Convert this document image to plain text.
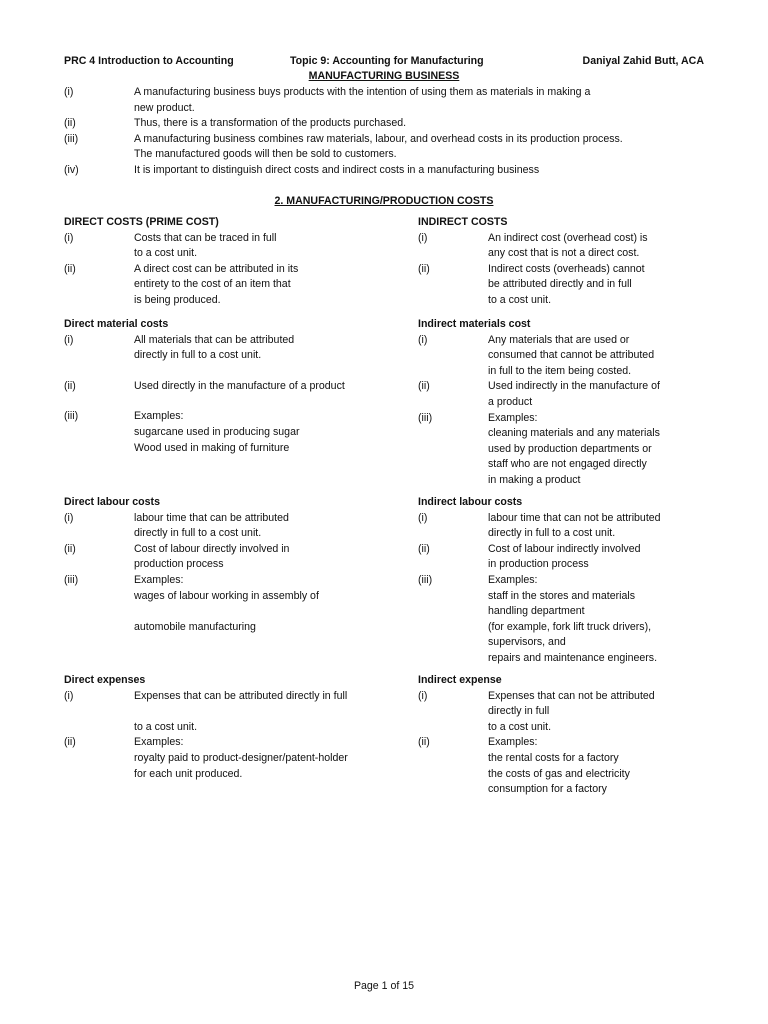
PRC 4 Introduction to Accounting	Topic 9: Accounting for Manufacturing	Daniyal Zahid Butt, ACA
MANUFACTURING BUSINESS
(i)	A manufacturing business buys products with the intention of using them as materials in making a
new product.
(ii)	Thus, there is a transformation of the products purchased.
(iii)	A manufacturing business combines raw materials, labour, and overhead costs in its production process.
The manufactured goods will then be sold to customers.
(iv)	It is important to distinguish direct costs and indirect costs in a manufacturing business
2. MANUFACTURING/PRODUCTION COSTS
DIRECT COSTS (PRIME COST)
(i)	Costs that can be traced in full
to a cost unit.
(ii)	A direct cost can be attributed in its
entirety to the cost of an item that
is being produced.
Direct material costs
(i)	All materials that can be attributed
directly in full to a cost unit.
(ii)	Used directly in the manufacture of a product
(iii)	Examples:
sugarcane used in producing sugar
Wood used in making of furniture
Direct labour costs
(i)	labour time that can be attributed
directly in full to a cost unit.
(ii)	Cost of labour directly involved in
production process
(iii)	Examples:
wages of labour working in assembly of

automobile manufacturing
Direct expenses
(i)	Expenses that can be attributed directly in full

to a cost unit.
(ii)	Examples:
royalty paid to product-designer/patent-holder
for each unit produced.
INDIRECT COSTS
(i)	An indirect cost (overhead cost) is
any cost that is not a direct cost.
(ii)	Indirect costs (overheads) cannot
be attributed directly and in full
to a cost unit.
Indirect materials cost
(i)	Any materials that are used or
consumed that cannot be attributed
in full to the item being costed.
(ii)	Used indirectly in the manufacture of
a product
(iii)	Examples:
cleaning materials and any materials
used by production departments or
staff who are not engaged directly
in making a product
Indirect labour costs
(i)	labour time that can not be attributed
directly in full to a cost unit.
(ii)	Cost of labour indirectly involved
in production process
(iii)	Examples:
staff in the stores and materials
handling department
(for example, fork lift truck drivers),
supervisors, and
repairs and maintenance engineers.
Indirect expense
(i)	Expenses that can not be attributed
directly in full
to a cost unit.
(ii)	Examples:
the rental costs for a factory
the costs of gas and electricity
consumption for a factory
Page 1 of 15
